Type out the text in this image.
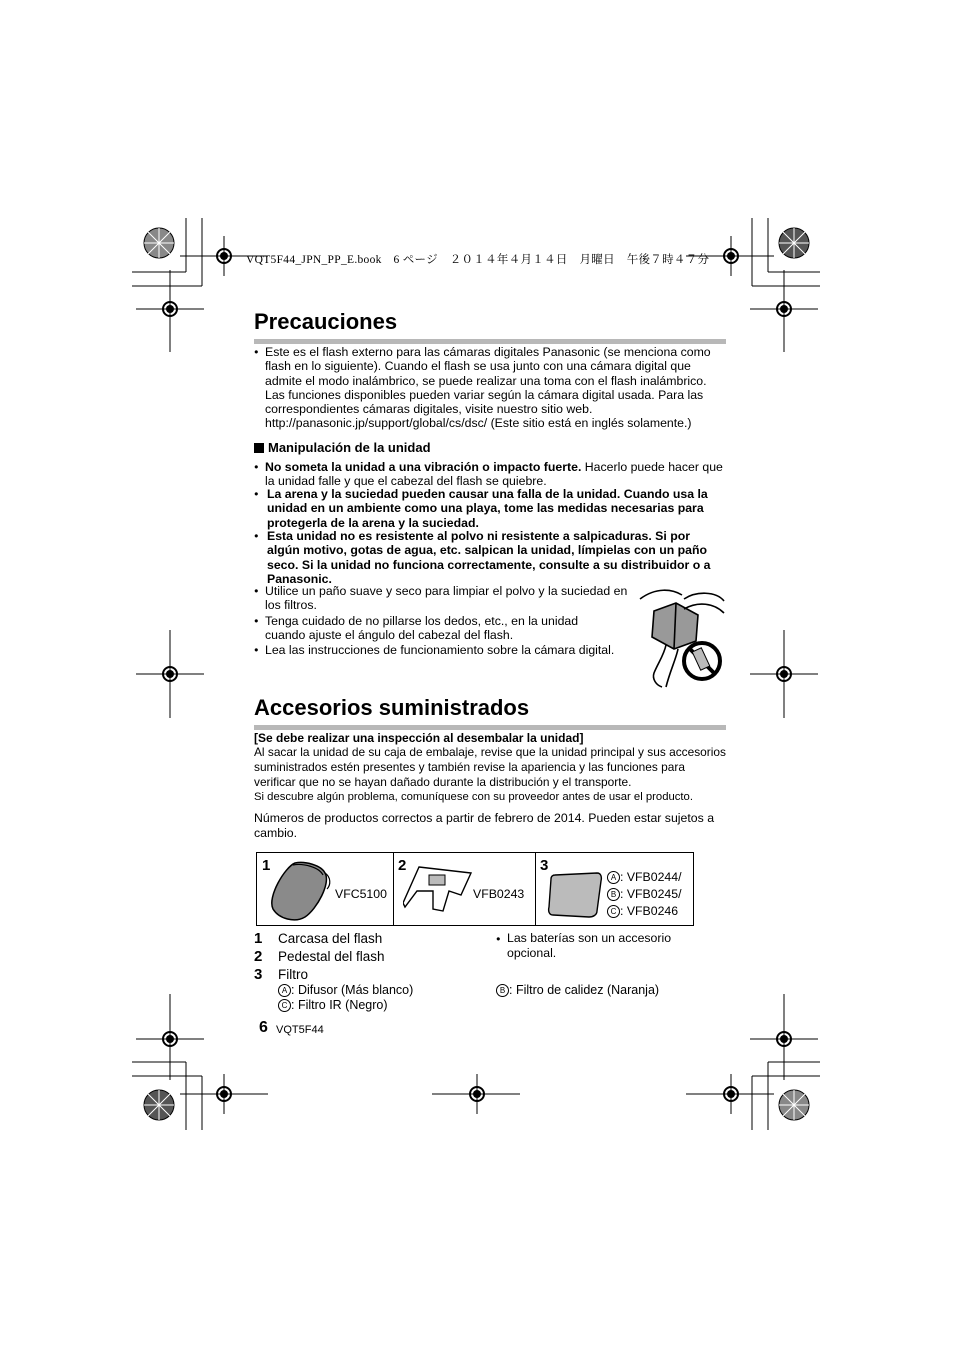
VQT5F44_JPN_PP_E.book　6 ページ　２０１４年４月１４日　月曜日　午後７時４７分
Precauciones
● Este es el flash externo para las cámaras digitales Panasonic (se menciona como flash en lo siguiente). Cuando el flash se usa junto con una cámara digital que admite el modo inalámbrico, se puede realizar una toma con el flash inalámbrico. Las funciones disponibles pueden variar según la cámara digital usada. Para las correspondientes cámaras digitales, visite nuestro sitio web. http://panasonic.jp/support/global/cs/dsc/ (Este sitio está en inglés solamente.)
Manipulación de la unidad
● No someta la unidad a una vibración o impacto fuerte. Hacerlo puede hacer que la unidad falle y que el cabezal del flash se quiebre.
● La arena y la suciedad pueden causar una falla de la unidad. Cuando usa la unidad en un ambiente como una playa, tome las medidas necesarias para protegerla de la arena y la suciedad.
● Esta unidad no es resistente al polvo ni resistente a salpicaduras. Si por algún motivo, gotas de agua, etc. salpican la unidad, límpielas con un paño seco. Si la unidad no funciona correctamente, consulte a su distribuidor o a Panasonic.
● Utilice un paño suave y seco para limpiar el polvo y la suciedad en los filtros.
● Tenga cuidado de no pillarse los dedos, etc., en la unidad cuando ajuste el ángulo del cabezal del flash.
● Lea las instrucciones de funcionamiento sobre la cámara digital.
Accesorios suministrados
[Se debe realizar una inspección al desembalar la unidad]
Al sacar la unidad de su caja de embalaje, revise que la unidad principal y sus accesorios suministrados estén presentes y también revise la apariencia y las funciones para verificar que no se hayan dañado durante la distribución y el transporte.
Si descubre algún problema, comuníquese con su proveedor antes de usar el producto.
Números de productos correctos a partir de febrero de 2014. Pueden estar sujetos a cambio.
1
VFC5100
2
VFB0243
3
A : VFB0244/
B : VFB0245/
C : VFB0246
1 Carcasa del flash
2 Pedestal del flash
3 Filtro
A : Difusor (Más blanco)
C : Filtro IR (Negro)
B : Filtro de calidez (Naranja)
● Las baterías son un accesorio opcional.
6 VQT5F44
